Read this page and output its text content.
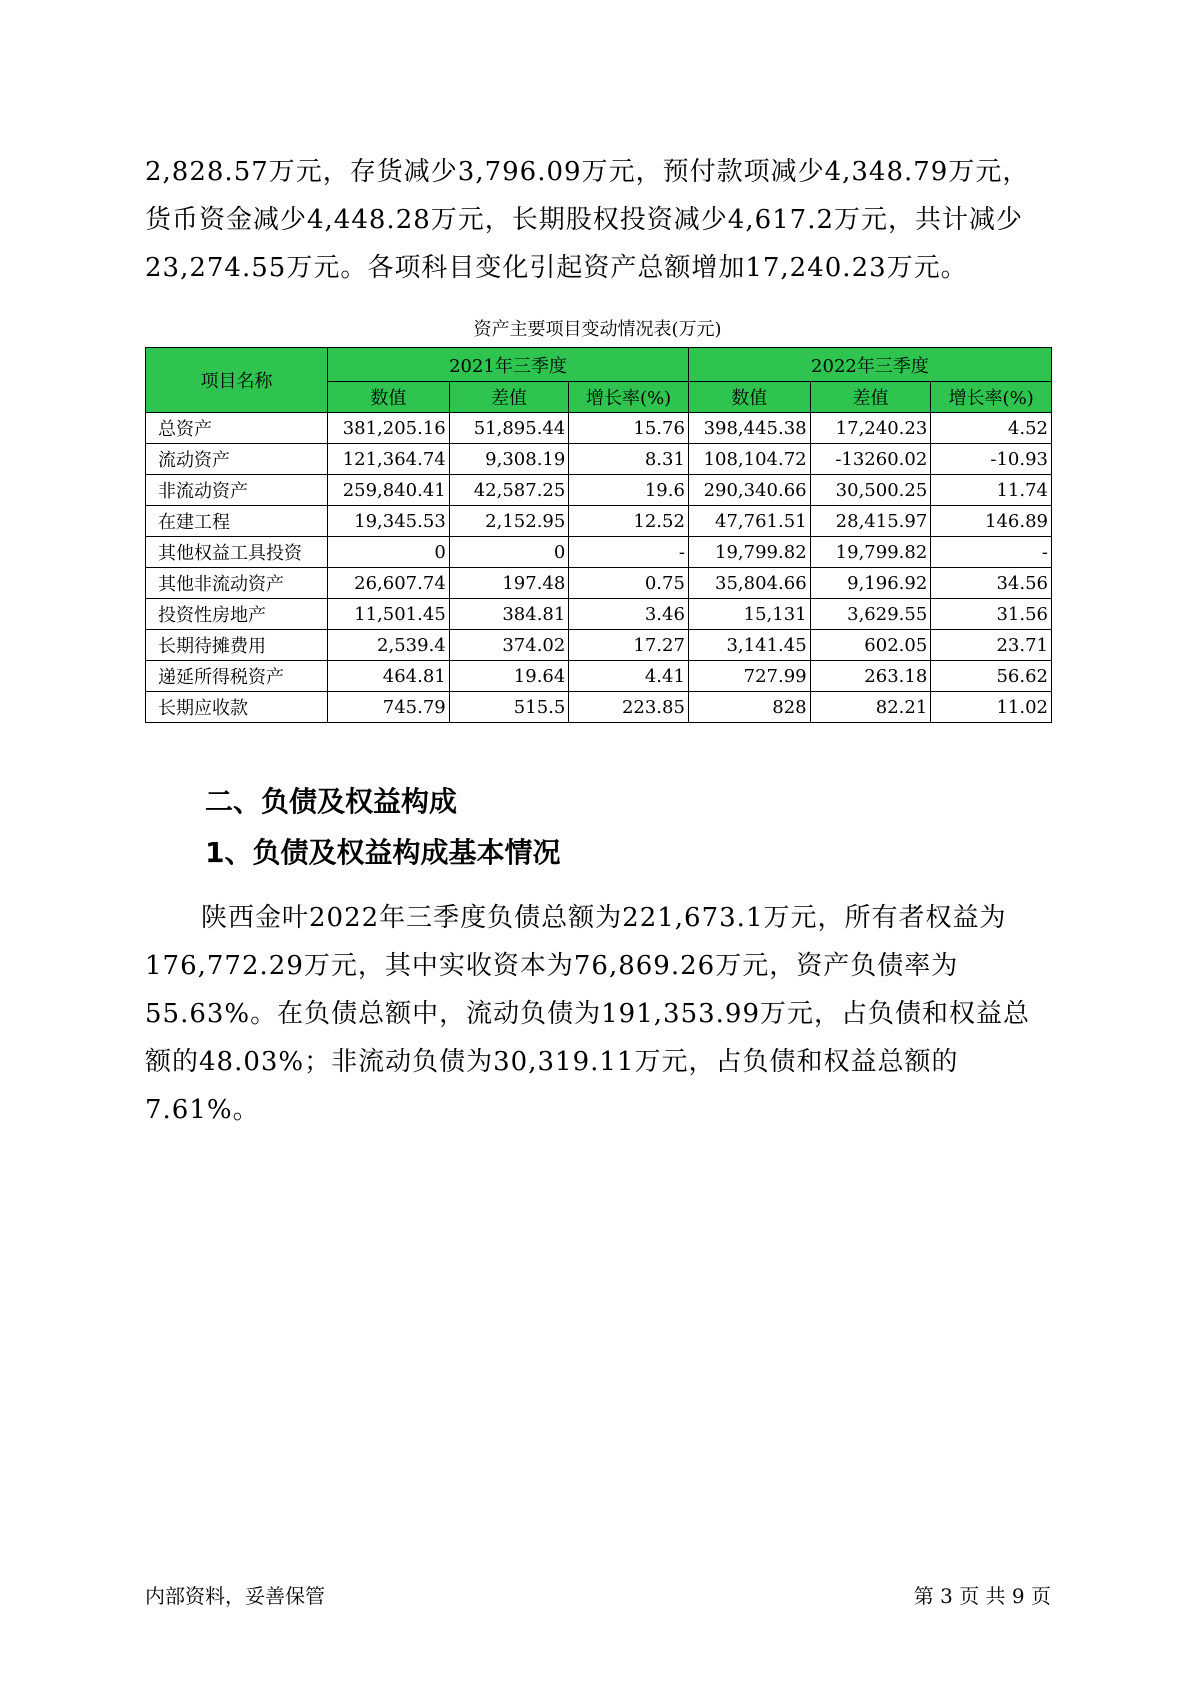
2,828.57万元，存货减少3,796.09万元，预付款项减少4,348.79万元，货币资金减少4,448.28万元，长期股权投资减少4,617.2万元，共计减少23,274.55万元。各项科目变化引起资产总额增加17,240.23万元。

资产主要项目变动情况表(万元)
项目名称	2021年三季度			2022年三季度		
	数值	差值	增长率(%)	数值	差值	增长率(%)
总资产	381,205.16	51,895.44	15.76	398,445.38	17,240.23	4.52
流动资产	121,364.74	9,308.19	8.31	108,104.72	-13260.02	-10.93
非流动资产	259,840.41	42,587.25	19.6	290,340.66	30,500.25	11.74
在建工程	19,345.53	2,152.95	12.52	47,761.51	28,415.97	146.89
其他权益工具投资	0	0	-	19,799.82	19,799.82	-
其他非流动资产	26,607.74	197.48	0.75	35,804.66	9,196.92	34.56
投资性房地产	11,501.45	384.81	3.46	15,131	3,629.55	31.56
长期待摊费用	2,539.4	374.02	17.27	3,141.45	602.05	23.71
递延所得税资产	464.81	19.64	4.41	727.99	263.18	56.62
长期应收款	745.79	515.5	223.85	828	82.21	11.02
二、负债及权益构成
1、负债及权益构成基本情况

陕西金叶2022年三季度负债总额为221,673.1万元，所有者权益为176,772.29万元，其中实收资本为76,869.26万元，资产负债率为55.63%。在负债总额中，流动负债为191,353.99万元，占负债和权益总额的48.03%；非流动负债为30,319.11万元，占负债和权益总额的7.61%。

内部资料，妥善保管	第 3 页 共 9 页
